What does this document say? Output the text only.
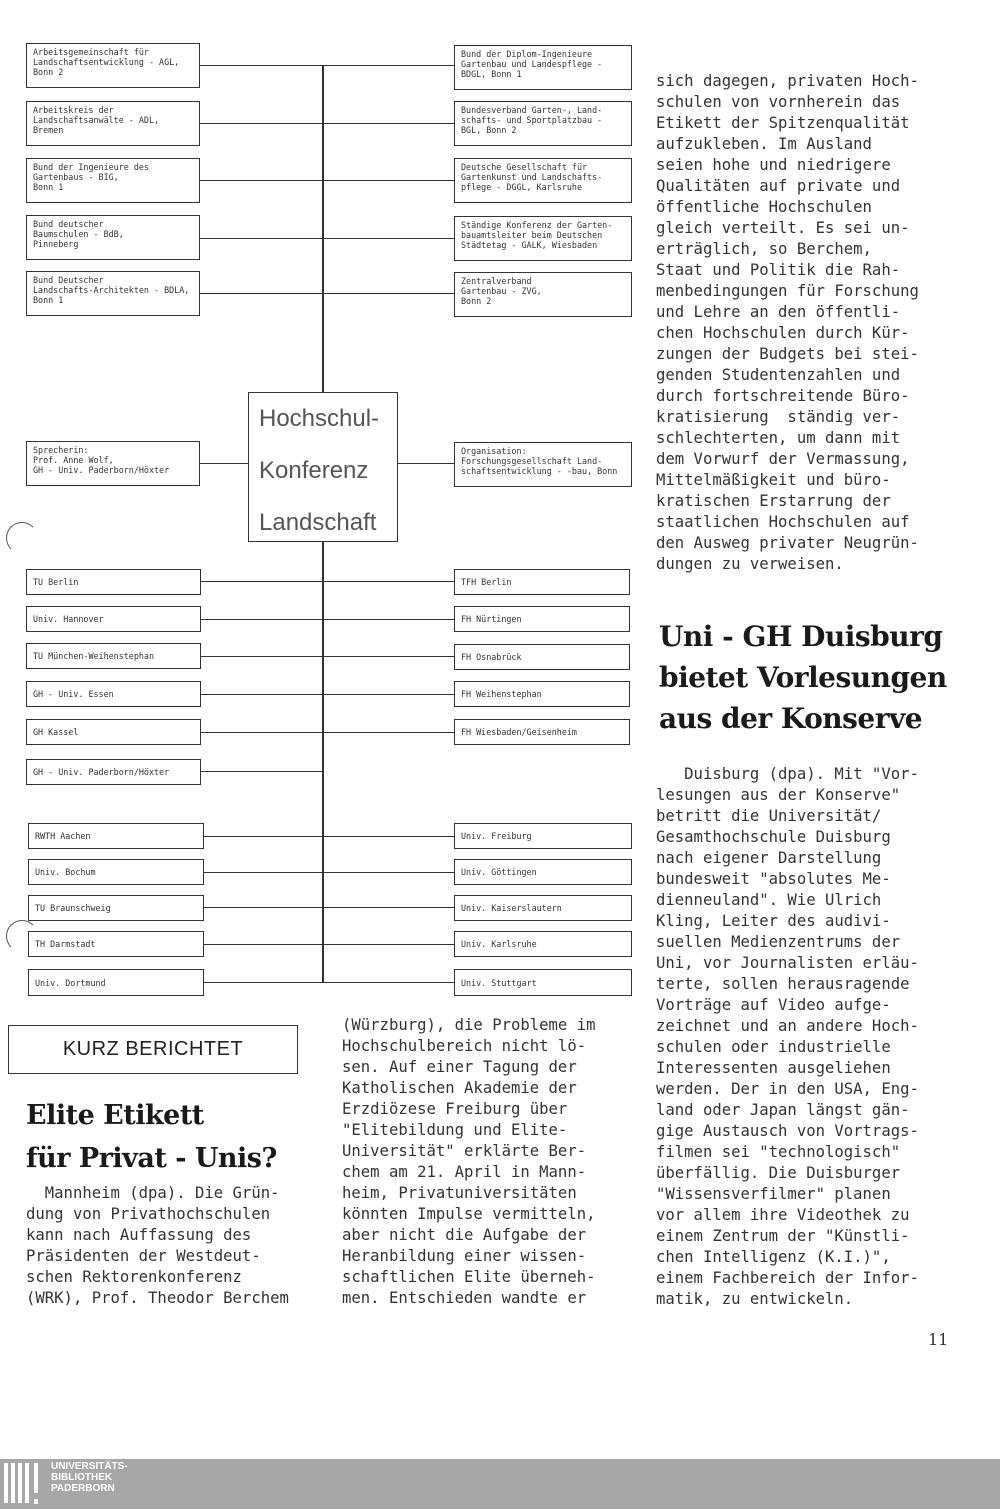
Hochschul-
Konferenz
Landschaft
Arbeitsgemeinschaft für
Landschaftsentwicklung - AGL,
Bonn 2
Arbeitskreis der
Landschaftsanwälte - ADL,
Bremen
Bund der Ingenieure des
Gartenbaus - BIG,
Bonn 1
Bund deutscher
Baumschulen - BdB,
Pinneberg
Bund Deutscher
Landschafts-Architekten - BDLA,
Bonn 1
Bund der Diplom-Ingenieure
Gartenbau und Landespflege -
BDGL, Bonn 1
Bundesverband Garten-, Land-
schafts- und Sportplatzbau -
BGL, Bonn 2
Deutsche Gesellschaft für
Gartenkunst und Landschafts-
pflege - DGGL, Karlsruhe
Ständige Konferenz der Garten-
bauamtsleiter beim Deutschen
Städtetag - GALK, Wiesbaden
Zentralverband
Gartenbau - ZVG,
Bonn 2
Sprecherin:
Prof. Anne Wolf,
GH - Univ. Paderborn/Höxter
Organisation:
Forschungsgesellschaft Land-
schaftsentwicklung - -bau, Bonn
TU Berlin
Univ. Hannover
TU München-Weihenstephan
GH - Univ. Essen
GH Kassel
GH - Univ. Paderborn/Höxter
TFH Berlin
FH Nürtingen
FH Osnabrück
FH Weihenstephan
FH Wiesbaden/Geisenheim
RWTH Aachen
Univ. Bochum
TU Braunschweig
TH Darmstadt
Univ. Dortmund
Univ. Freiburg
Univ. Göttingen
Univ. Kaiserslautern
Univ. Karlsruhe
Univ. Stuttgart
sich dagegen, privaten Hoch-
schulen von vornherein das
Etikett der Spitzenqualität
aufzukleben. Im Ausland
seien hohe und niedrigere
Qualitäten auf private und
öffentliche Hochschulen
gleich verteilt. Es sei un-
erträglich, so Berchem,
Staat und Politik die Rah-
menbedingungen für Forschung
und Lehre an den öffentli-
chen Hochschulen durch Kür-
zungen der Budgets bei stei-
genden Studentenzahlen und
durch fortschreitende Büro-
kratisierung  ständig ver-
schlechterten, um dann mit
dem Vorwurf der Vermassung,
Mittelmäßigkeit und büro-
kratischen Erstarrung der
staatlichen Hochschulen auf
den Ausweg privater Neugrün-
dungen zu verweisen.
Uni - GH Duisburg
bietet Vorlesungen
aus der Konserve
Duisburg (dpa). Mit "Vor-
lesungen aus der Konserve"
betritt die Universität/
Gesamthochschule Duisburg
nach eigener Darstellung
bundesweit "absolutes Me-
dienneuland". Wie Ulrich
Kling, Leiter des audivi-
suellen Medienzentrums der
Uni, vor Journalisten erläu-
terte, sollen herausragende
Vorträge auf Video aufge-
zeichnet und an andere Hoch-
schulen oder industrielle
Interessenten ausgeliehen
werden. Der in den USA, Eng-
land oder Japan längst gän-
gige Austausch von Vortrags-
filmen sei "technologisch"
überfällig. Die Duisburger
"Wissensverfilmer" planen
vor allem ihre Videothek zu
einem Zentrum der "Künstli-
chen Intelligenz (K.I.)",
einem Fachbereich der Infor-
matik, zu entwickeln.
KURZ BERICHTET
Elite Etikett
für Privat - Unis?
Mannheim (dpa). Die Grün-
dung von Privathochschulen
kann nach Auffassung des
Präsidenten der Westdeut-
schen Rektorenkonferenz
(WRK), Prof. Theodor Berchem
(Würzburg), die Probleme im
Hochschulbereich nicht lö-
sen. Auf einer Tagung der
Katholischen Akademie der
Erzdiözese Freiburg über
"Elitebildung und Elite-
Universität" erklärte Ber-
chem am 21. April in Mann-
heim, Privatuniversitäten
könnten Impulse vermitteln,
aber nicht die Aufgabe der
Heranbildung einer wissen-
schaftlichen Elite überneh-
men. Entschieden wandte er
11
UNIVERSITÄTS-
BIBLIOTHEK
PADERBORN
